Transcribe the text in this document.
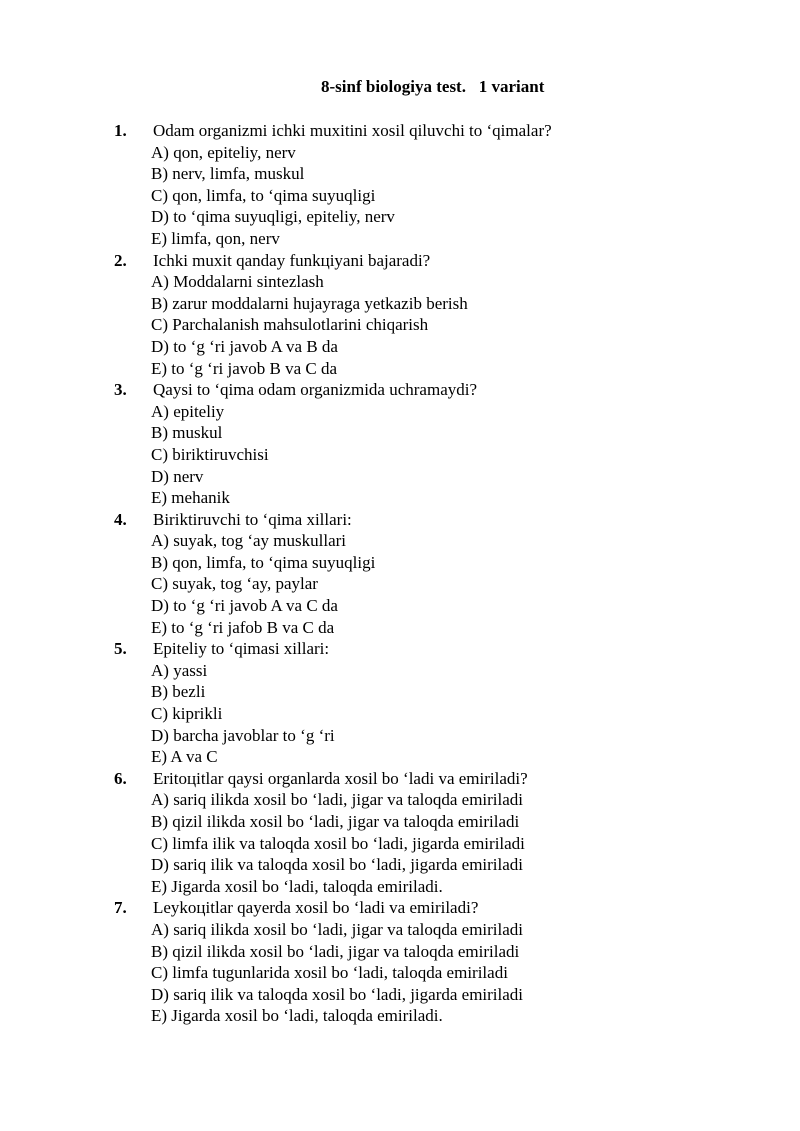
8-sinf biologiya test.   1 variant
1. Odam organizmi ichki muxitini xosil qiluvchi to ‘qimalar?
A) qon, epiteliy, nerv
B) nerv, limfa, muskul
C) qon, limfa, to ‘qima suyuqligi
D) to ‘qima suyuqligi, epiteliy, nerv
E) limfa, qon, nerv
2. Ichki muxit qanday funkцiyani bajaradi?
A) Moddalarni sintezlash
B) zarur moddalarni hujayraga yetkazib berish
C) Parchalanish mahsulotlarini chiqarish
D) to ‘g ‘ri javob A va B da
E) to ‘g ‘ri javob B va C da
3. Qaysi to ‘qima odam organizmida uchramaydi?
A) epiteliy
B) muskul
C) biriktiruvchisi
D) nerv
E) mehanik
4. Biriktiruvchi to ‘qima xillari:
A) suyak, tog ‘ay muskullari
B) qon, limfa, to ‘qima suyuqligi
C) suyak, tog ‘ay, paylar
D) to ‘g ‘ri javob A va C da
E) to ‘g ‘ri jafob B va C da
5. Epiteliy to ‘qimasi xillari:
A) yassi
B) bezli
C) kiprikli
D) barcha javoblar to ‘g ‘ri
E) A va C
6. Eritoцitlar qaysi organlarda xosil bo ‘ladi va emiriladi?
A) sariq ilikda xosil bo ‘ladi, jigar va taloqda emiriladi
B) qizil ilikda xosil bo ‘ladi, jigar va taloqda emiriladi
C) limfa ilik va taloqda xosil bo ‘ladi, jigarda emiriladi
D) sariq ilik va taloqda xosil bo ‘ladi, jigarda emiriladi
E) Jigarda xosil bo ‘ladi, taloqda emiriladi.
7. Leykoцitlar qayerda xosil bo ‘ladi va emiriladi?
A) sariq ilikda xosil bo ‘ladi, jigar va taloqda emiriladi
B) qizil ilikda xosil bo ‘ladi, jigar va taloqda emiriladi
C) limfa tugunlarida xosil bo ‘ladi, taloqda emiriladi
D) sariq ilik va taloqda xosil bo ‘ladi, jigarda emiriladi
E) Jigarda xosil bo ‘ladi, taloqda emiriladi.
